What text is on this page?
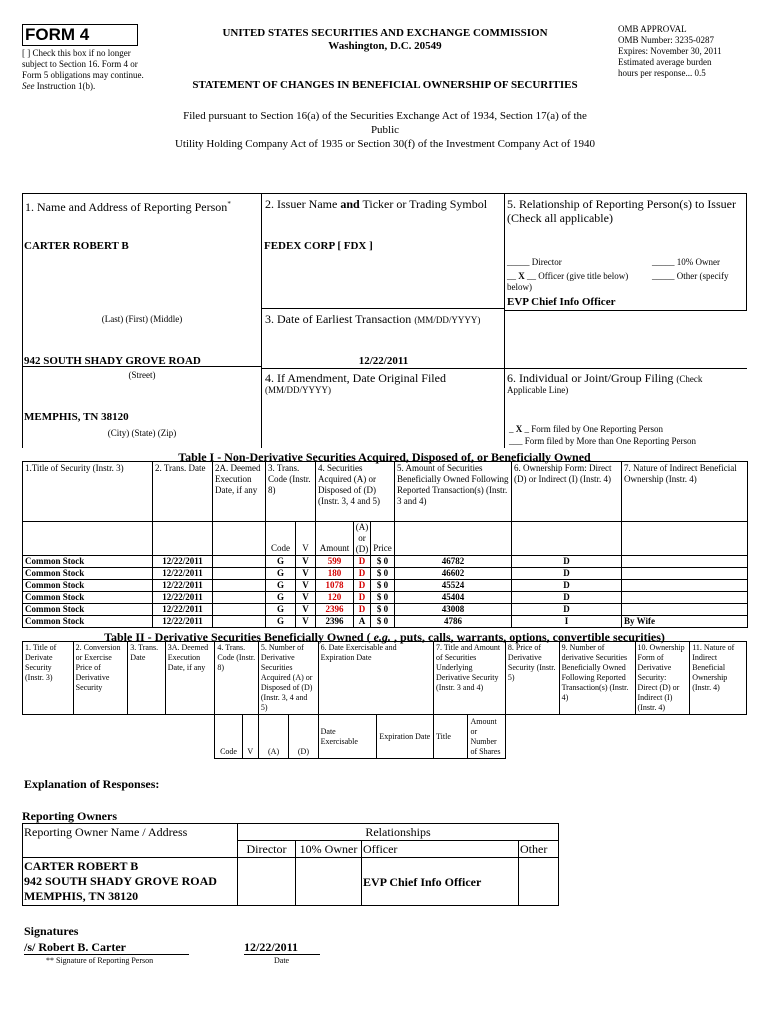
FORM 4
[ ] Check this box if no longer subject to Section 16. Form 4 or Form 5 obligations may continue. See Instruction 1(b).
UNITED STATES SECURITIES AND EXCHANGE COMMISSION
Washington, D.C. 20549
STATEMENT OF CHANGES IN BENEFICIAL OWNERSHIP OF SECURITIES
OMB APPROVAL
OMB Number: 3235-0287
Expires: November 30, 2011
Estimated average burden
hours per response... 0.5
Filed pursuant to Section 16(a) of the Securities Exchange Act of 1934, Section 17(a) of the
Public
Utility Holding Company Act of 1935 or Section 30(f) of the Investment Company Act of 1940
1. Name and Address of Reporting Person*
CARTER ROBERT B
(Last) (First) (Middle)
942 SOUTH SHADY GROVE ROAD
(Street)
MEMPHIS, TN 38120
(City) (State) (Zip)
2. Issuer Name and Ticker or Trading Symbol
FEDEX CORP [ FDX ]
3. Date of Earliest Transaction (MM/DD/YYYY)
12/22/2011
4. If Amendment, Date Original Filed
(MM/DD/YYYY)
5. Relationship of Reporting Person(s) to Issuer
(Check all applicable)
_____ Director	_____ 10% Owner
__ X __ Officer (give title below)	_____ Other (specify
below)
EVP Chief Info Officer
6. Individual or Joint/Group Filing (Check
Applicable Line)
_ X _ Form filed by One Reporting Person
___ Form filed by More than One Reporting Person
Table I - Non-Derivative Securities Acquired, Disposed of, or Beneficially Owned
1.Title of Security (Instr. 3)	2. Trans. Date	2A. Deemed Execution Date, if any	3. Trans. Code (Instr. 8)		4. Securities Acquired (A) or Disposed of (D) (Instr. 3, 4 and 5)			5. Amount of Securities Beneficially Owned Following Reported Transaction(s) (Instr. 3 and 4)	6. Ownership Form: Direct (D) or Indirect (I) (Instr. 4)	7. Nature of Indirect Beneficial Ownership (Instr. 4)
			Code	V	Amount	(A) or (D)	Price			
Common Stock	12/22/2011		G	V	599	D	$ 0	46782	D	
Common Stock	12/22/2011		G	V	180	D	$ 0	46602	D	
Common Stock	12/22/2011		G	V	1078	D	$ 0	45524	D	
Common Stock	12/22/2011		G	V	120	D	$ 0	45404	D	
Common Stock	12/22/2011		G	V	2396	D	$ 0	43008	D	
Common Stock	12/22/2011		G	V	2396	A	$ 0	4786	I	By Wife
Table II - Derivative Securities Beneficially Owned ( e.g. , puts, calls, warrants, options, convertible securities)
1. Title of Derivate Security (Instr. 3)	2. Conversion or Exercise Price of Derivative Security	3. Trans. Date	3A. Deemed Execution Date, if any	4. Trans. Code (Instr. 8)		5. Number of Derivative Securities Acquired (A) or Disposed of (D) (Instr. 3, 4 and 5)		6. Date Exercisable and Expiration Date		7. Title and Amount of Securities Underlying Derivative Security (Instr. 3 and 4)		8. Price of Derivative Security (Instr. 5)	9. Number of derivative Securities Beneficially Owned Following Reported Transaction(s) (Instr. 4)	10. Ownership Form of Derivative Security: Direct (D) or Indirect (I) (Instr. 4)	11. Nature of Indirect Beneficial Ownership (Instr. 4)
				Code	V	(A)	(D)	Date Exercisable	Expiration Date	Title	Amount or Number of Shares				
Explanation of Responses:
Reporting Owners
Reporting Owner Name / Address	Relationships			
	Director	10% Owner	Officer	Other

CARTER ROBERT B
942 SOUTH SHADY GROVE ROAD
MEMPHIS, TN 38120			EVP Chief Info Officer	
Signatures
/s/ Robert B. Carter	12/22/2011
** Signature of Reporting Person	Date
